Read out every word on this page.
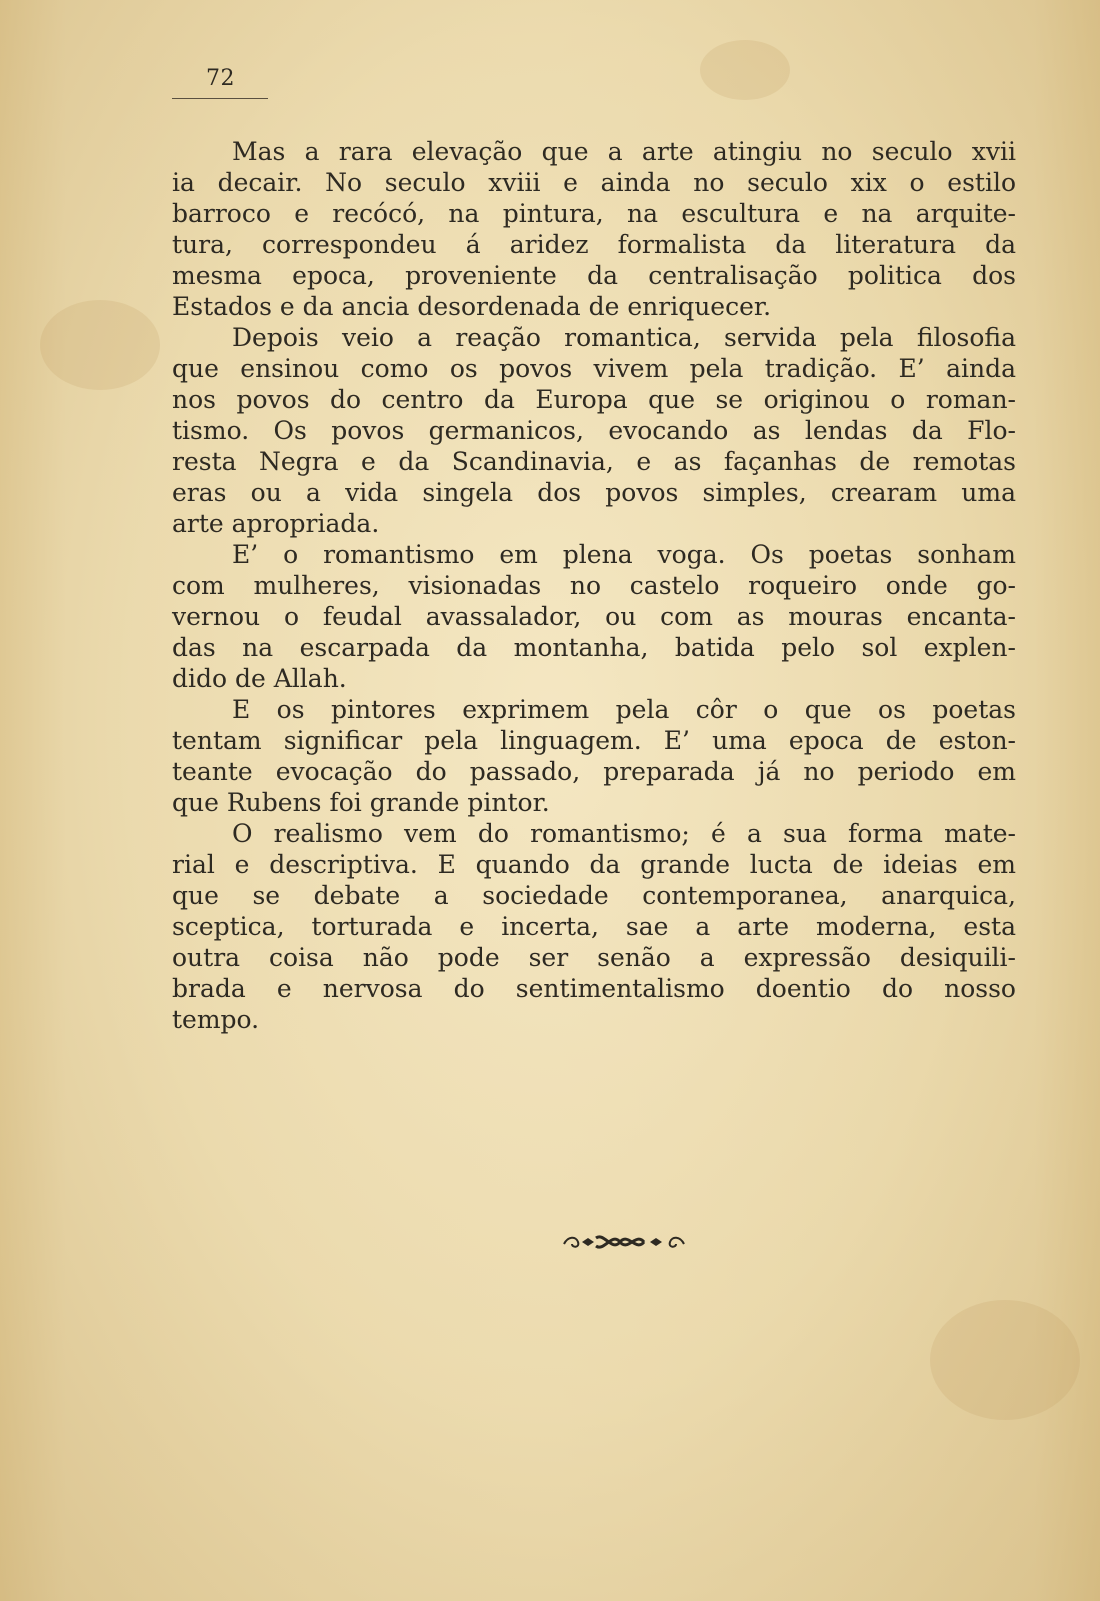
72
Mas a rara elevação que a arte atingiu no seculo xvii
ia decair. No seculo xviii e ainda no seculo xix o estilo
barroco e recócó, na pintura, na escultura e na arquite-
tura, correspondeu á aridez formalista da literatura da
mesma epoca, proveniente da centralisação politica dos
Estados e da ancia desordenada de enriquecer.
Depois veio a reação romantica, servida pela filosofia
que ensinou como os povos vivem pela tradição. E’ ainda
nos povos do centro da Europa que se originou o roman-
tismo. Os povos germanicos, evocando as lendas da Flo-
resta Negra e da Scandinavia, e as façanhas de remotas
eras ou a vida singela dos povos simples, crearam uma
arte apropriada.
E’ o romantismo em plena voga. Os poetas sonham
com mulheres, visionadas no castelo roqueiro onde go-
vernou o feudal avassalador, ou com as mouras encanta-
das na escarpada da montanha, batida pelo sol explen-
dido de Allah.
E os pintores exprimem pela côr o que os poetas
tentam significar pela linguagem. E’ uma epoca de eston-
teante evocação do passado, preparada já no periodo em
que Rubens foi grande pintor.
O realismo vem do romantismo; é a sua forma mate-
rial e descriptiva. E quando da grande lucta de ideias em
que se debate a sociedade contemporanea, anarquica,
sceptica, torturada e incerta, sae a arte moderna, esta
outra coisa não pode ser senão a expressão desiquili-
brada e nervosa do sentimentalismo doentio do nosso
tempo.
